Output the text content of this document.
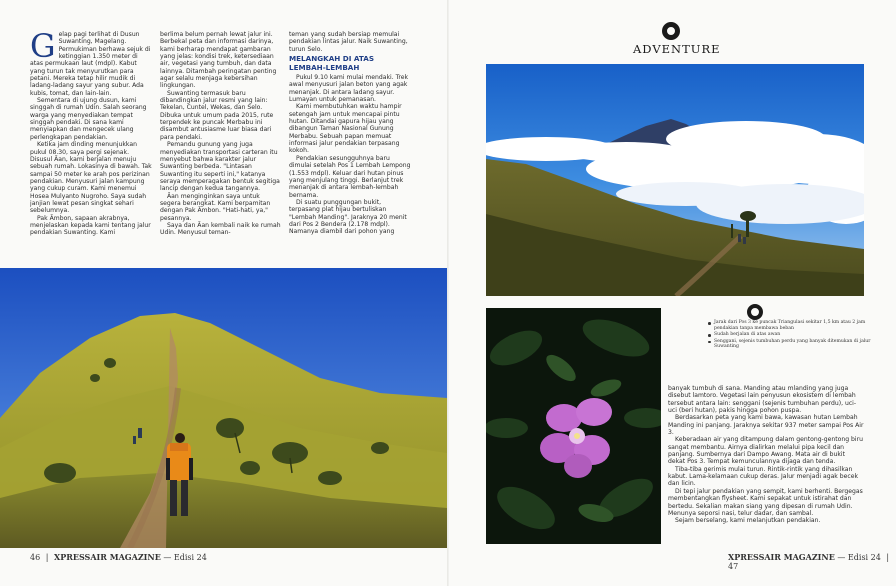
G elap pagi terlihat di Dusun Suwanting, Magelang. Permukiman berhawa sejuk di ketinggian 1.350 meter di atas permukaan laut (mdpl). Kabut yang turun tak menyurutkan para petani. Mereka tetap hilir mudik di ladang-ladang sayur yang subur. Ada kubis, tomat, dan lain-lain.

Sementara di ujung dusun, kami singgah di rumah Udin. Salah seorang warga yang menyediakan tempat singgah pendaki. Di sana kami menyiapkan dan mengecek ulang perlengkapan pendakian.

Ketika jam dinding menunjukkan pukul 08.30, saya pergi sejenak. Disusul Ãan, kami berjalan menuju sebuah rumah. Lokasinya di bawah. Tak sampai 50 meter ke arah pos perizinan pendakian. Menyusuri jalan kampung yang cukup curam. Kami menemui Hosea Mulyanto Nugroho. Saya sudah janjian lewat pesan singkat sehari sebelumnya.

Pak Ãmbon, sapaan akrabnya, menjelaskan kepada kami tentang jalur pendakian Suwanting. Kami

berlima belum pernah lewat jalur ini. Berbekal peta dan informasi darinya, kami berharap mendapat gambaran yang jelas: kondisi trek, ketersediaan air, vegetasi yang tumbuh, dan data lainnya. Ditambah peringatan penting agar selalu menjaga kebersihan lingkungan.

Suwanting termasuk baru dibandingkan jalur resmi yang lain: Tekelan, Cuntel, Wekas, dan Selo. Dibuka untuk umum pada 2015, rute terpendek ke puncak Merbabu ini disambut antusiasme luar biasa dari para pendaki.

Pemandu gunung yang juga menyediakan transportasi carteran itu menyebut bahwa karakter jalur Suwanting berbeda. "Lintasan Suwanting itu seperti ini," katanya seraya memperagakan bentuk segitiga lancip dengan kedua tangannya.

Ãan menginginkan saya untuk segera berangkat. Kami berpamitan dengan Pak Ãmbon. "Hati-hati, ya," pesannya.

Saya dan Ãan kembali naik ke rumah Udin. Menyusul teman-

teman yang sudah bersiap memulai pendakian lintas jalur. Naik Suwanting, turun Selo.

MELANGKAH DI ATAS LEMBAH-LEMBAH

Pukul 9.10 kami mulai mendaki. Trek awal menyusuri jalan beton yang agak menanjak. Di antara ladang sayur. Lumayan untuk pemanasan.

Kami membutuhkan waktu hampir setengah jam untuk mencapai pintu hutan. Ditandai gapura hijau yang dibangun Taman Nasional Gunung Merbabu. Sebuah papan memuat informasi jalur pendakian terpasang kokoh.

Pendakian sesungguhnya baru dimulai setelah Pos 1 Lembah Lempong (1.553 mdpl). Keluar dari hutan pinus yang menjulang tinggi. Berlanjut trek menanjak di antara lembah-lembah bernama.

Di suatu punggungan bukit, terpasang plat hijau bertuliskan "Lembah Manding". Jaraknya 20 menit dari Pos 2 Bendera (2.178 mdpl). Namanya diambil dari pohon yang

46 | XPRESSAIR MAGAZINE — Edisi 24
ADVENTURE
Jarak dari Pos 3 ke puncak Triangulasi sekitar 1,5 km atau 2 jam pendakian tanpa membawa beban
Sudah berjalan di atas awan
Senggani, sejenis tumbuhan perdu yang banyak ditemukan di jalur Suwanting

banyak tumbuh di sana. Manding atau mlanding yang juga disebut lamtoro. Vegetasi lain penyusun ekosistem di lembah tersebut antara lain: senggani (sejenis tumbuhan perdu), uci-uci (beri hutan), pakis hingga pohon puspa.

Berdasarkan peta yang kami bawa, kawasan hutan Lembah Manding ini panjang. Jaraknya sekitar 937 meter sampai Pos Air 3.

Keberadaan air yang ditampung dalam gentong-gentong biru sangat membantu. Airnya dialirkan melalui pipa kecil dan panjang. Sumbernya dari Dampo Awang. Mata air di bukit dekat Pos 3. Tempat kemunculannya dijaga dan tenda.

Tiba-tiba gerimis mulai turun. Rintik-rintik yang dihasilkan kabut. Lama-kelamaan cukup deras. Jalur menjadi agak becek dan licin.

Di tepi jalur pendakian yang sempit, kami berhenti. Bergegas membentangkan flysheet. Kami sepakat untuk istirahat dan bertedu. Sekalian makan siang yang dipesan di rumah Udin. Menunya seporsi nasi, telur dadar, dan sambal.

Sejam berselang, kami melanjutkan pendakian.

XPRESSAIR MAGAZINE — Edisi 24 | 47
